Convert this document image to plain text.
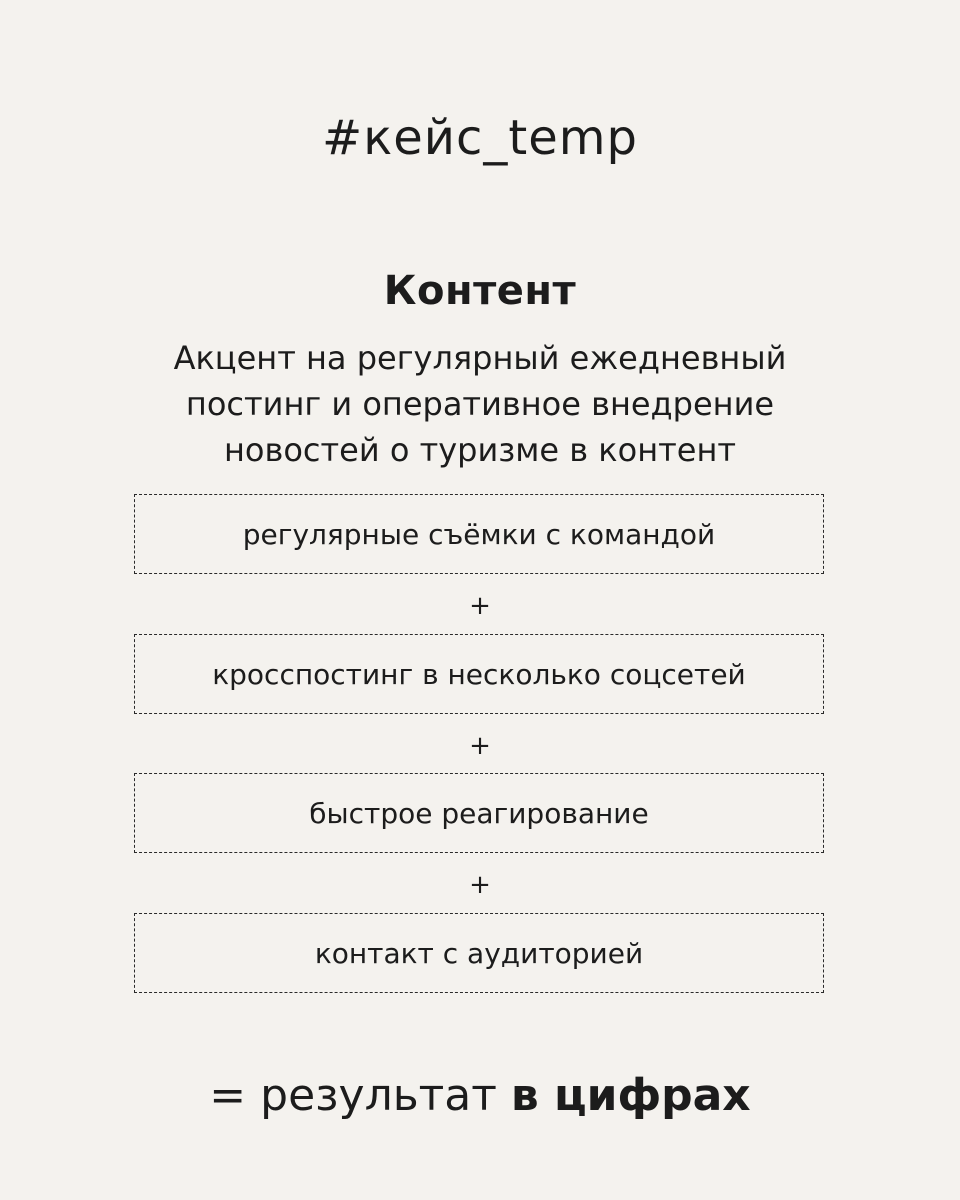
#кейс_temp
Контент
Акцент на регулярный ежедневный
постинг и оперативное внедрение
новостей о туризме в контент
регулярные съёмки с командой
+
кросспостинг в несколько соцсетей
+
быстрое реагирование
+
контакт с аудиторией
= результат в цифрах
